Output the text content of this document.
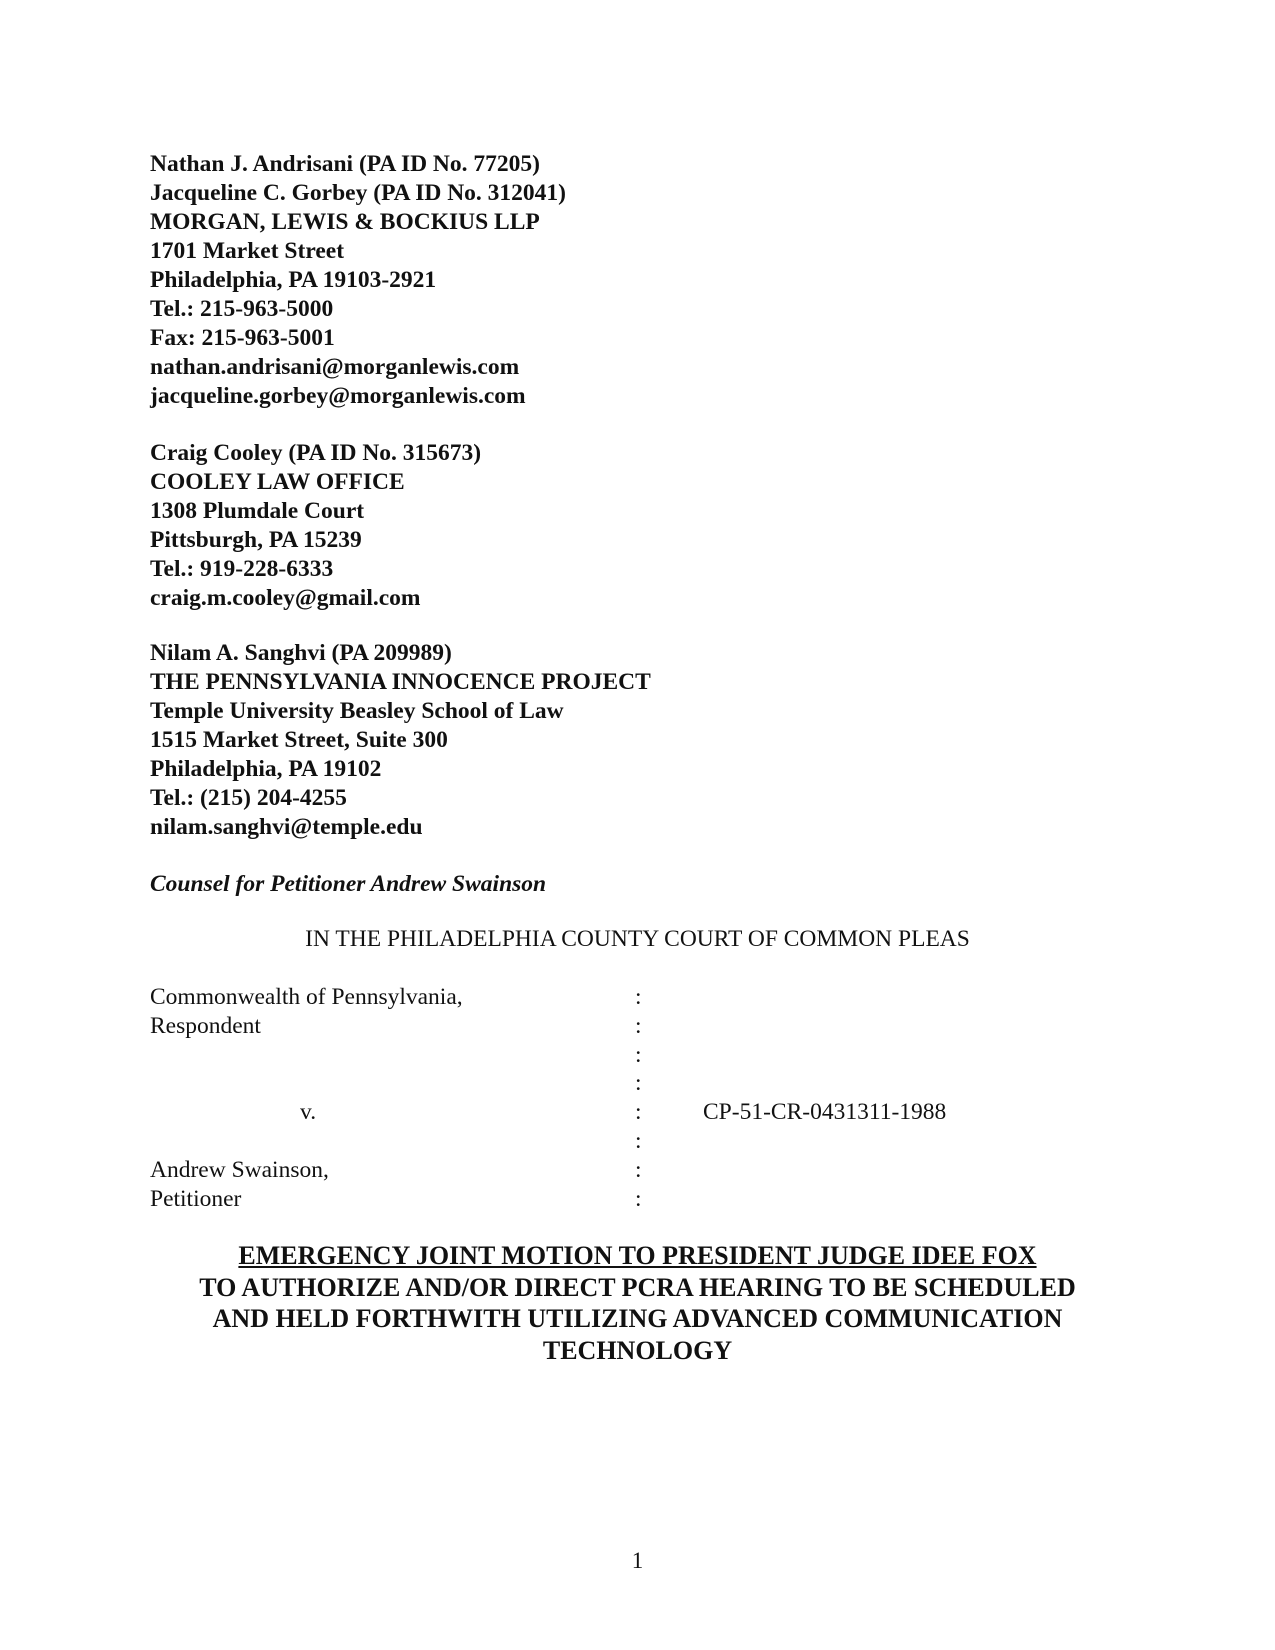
Nathan J. Andrisani (PA ID No. 77205)
Jacqueline C. Gorbey (PA ID No. 312041)
MORGAN, LEWIS & BOCKIUS LLP
1701 Market Street
Philadelphia, PA 19103-2921
Tel.: 215-963-5000
Fax: 215-963-5001
nathan.andrisani@morganlewis.com
jacqueline.gorbey@morganlewis.com
Craig Cooley (PA ID No. 315673)
COOLEY LAW OFFICE
1308 Plumdale Court
Pittsburgh, PA 15239
Tel.: 919-228-6333
craig.m.cooley@gmail.com
Nilam A. Sanghvi (PA 209989)
THE PENNSYLVANIA INNOCENCE PROJECT
Temple University Beasley School of Law
1515 Market Street, Suite 300
Philadelphia, PA 19102
Tel.: (215) 204-4255
nilam.sanghvi@temple.edu
Counsel for Petitioner Andrew Swainson
IN THE PHILADELPHIA COUNTY COURT OF COMMON PLEAS
Commonwealth of Pennsylvania,
Respondent
v.
Andrew Swainson,
Petitioner
:
:
:
:
:
:
:
:
CP-51-CR-0431311-1988
EMERGENCY JOINT MOTION TO PRESIDENT JUDGE IDEE FOX
TO AUTHORIZE AND/OR DIRECT PCRA HEARING TO BE SCHEDULED
AND HELD FORTHWITH UTILIZING ADVANCED COMMUNICATION
TECHNOLOGY
1
